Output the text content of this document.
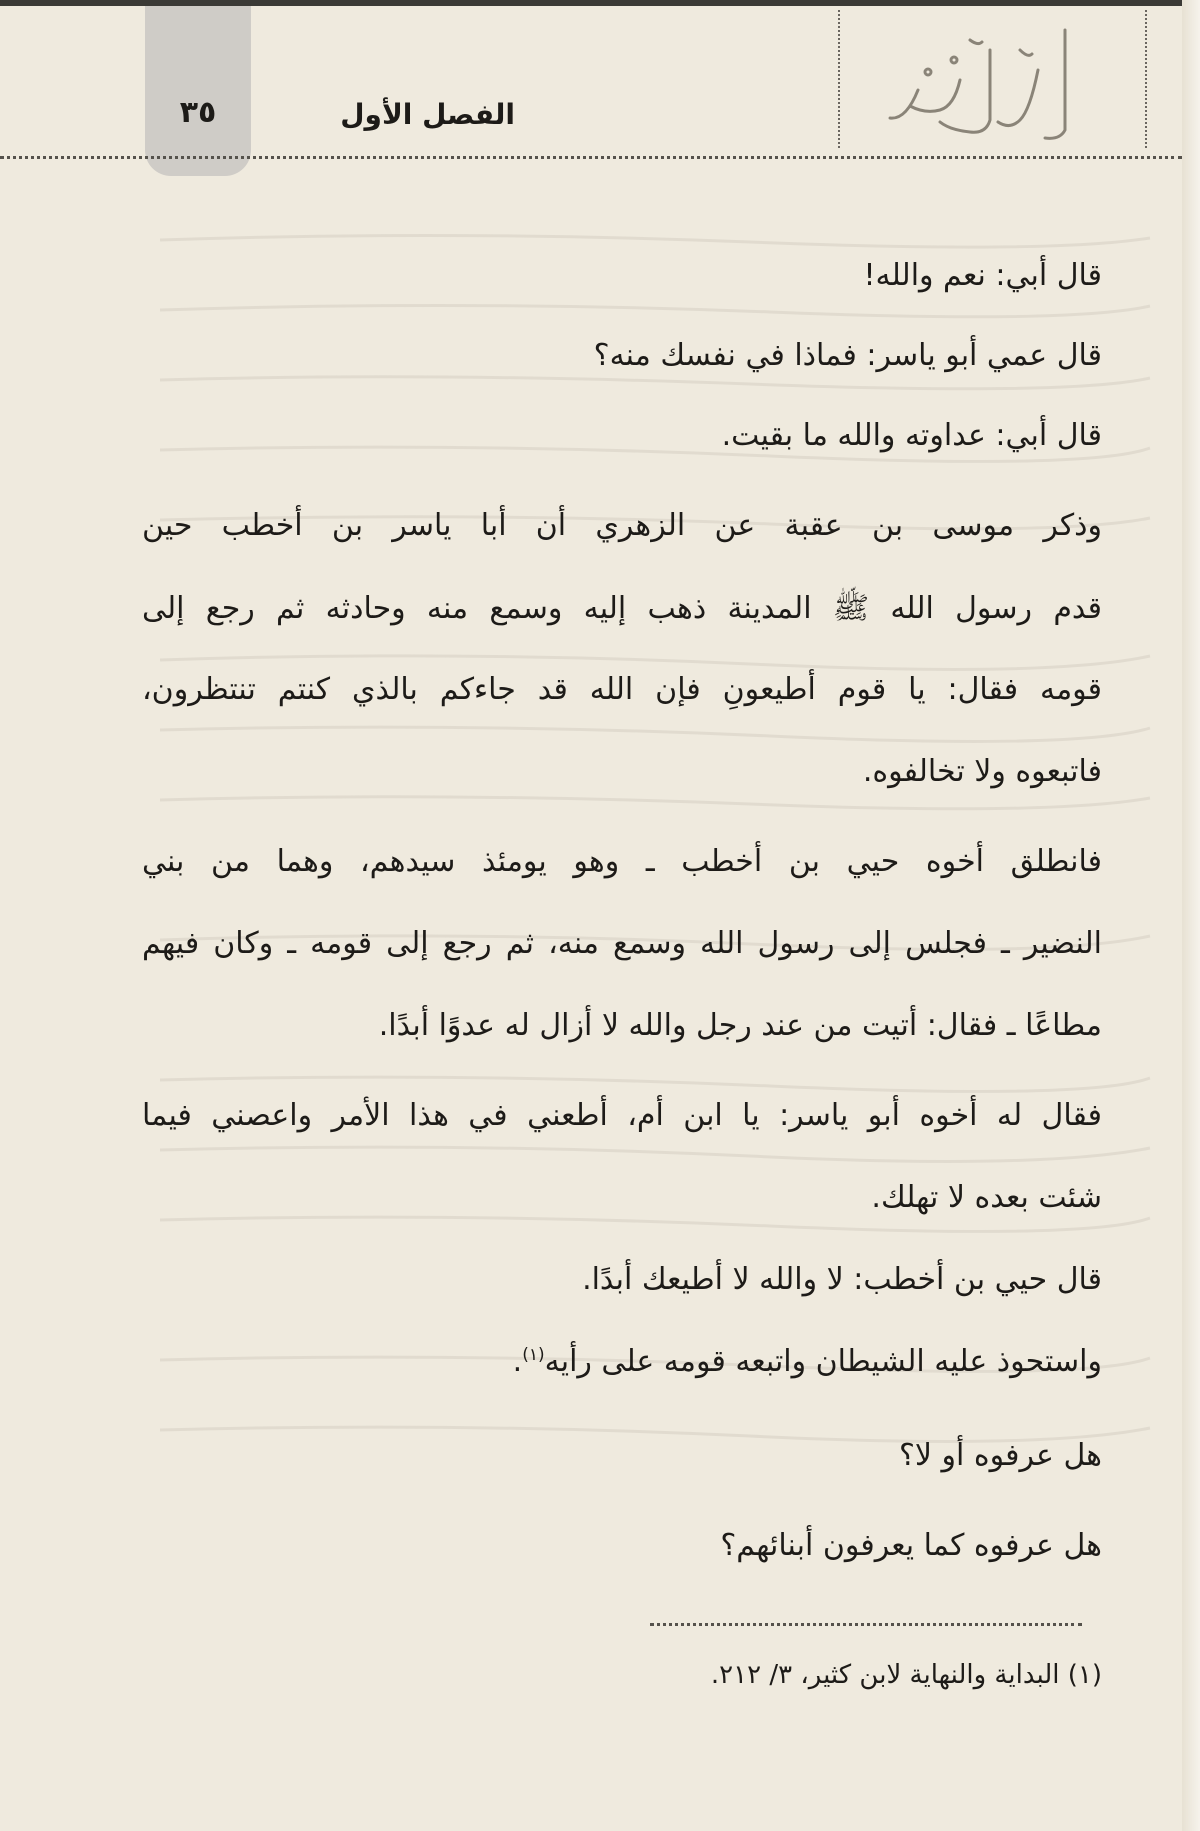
٣٥	الفصل الأول
قال أبي: نعم والله!
قال عمي أبو ياسر: فماذا في نفسك منه؟
قال أبي: عداوته والله ما بقيت.
وذكر موسى بن عقبة عن الزهري أن أبا ياسر بن أخطب حين
قدم رسول الله ﷺ المدينة ذهب إليه وسمع منه وحادثه ثم رجع إلى
قومه فقال: يا قوم أطيعونِ فإن الله قد جاءكم بالذي كنتم تنتظرون،
فاتبعوه ولا تخالفوه.
فانطلق أخوه حيي بن أخطب ـ وهو يومئذ سيدهم، وهما من بني
النضير ـ فجلس إلى رسول الله وسمع منه، ثم رجع إلى قومه ـ وكان فيهم
مطاعًا ـ فقال: أتيت من عند رجل والله لا أزال له عدوًا أبدًا.
فقال له أخوه أبو ياسر: يا ابن أم، أطعني في هذا الأمر واعصني فيما
شئت بعده لا تهلك.
قال حيي بن أخطب: لا والله لا أطيعك أبدًا.
واستحوذ عليه الشيطان واتبعه قومه على رأيه$^{(١)}$.
هل عرفوه أو لا؟
هل عرفوه كما يعرفون أبنائهم؟
(١) البداية والنهاية لابن كثير، ٣/ ٢١٢.
